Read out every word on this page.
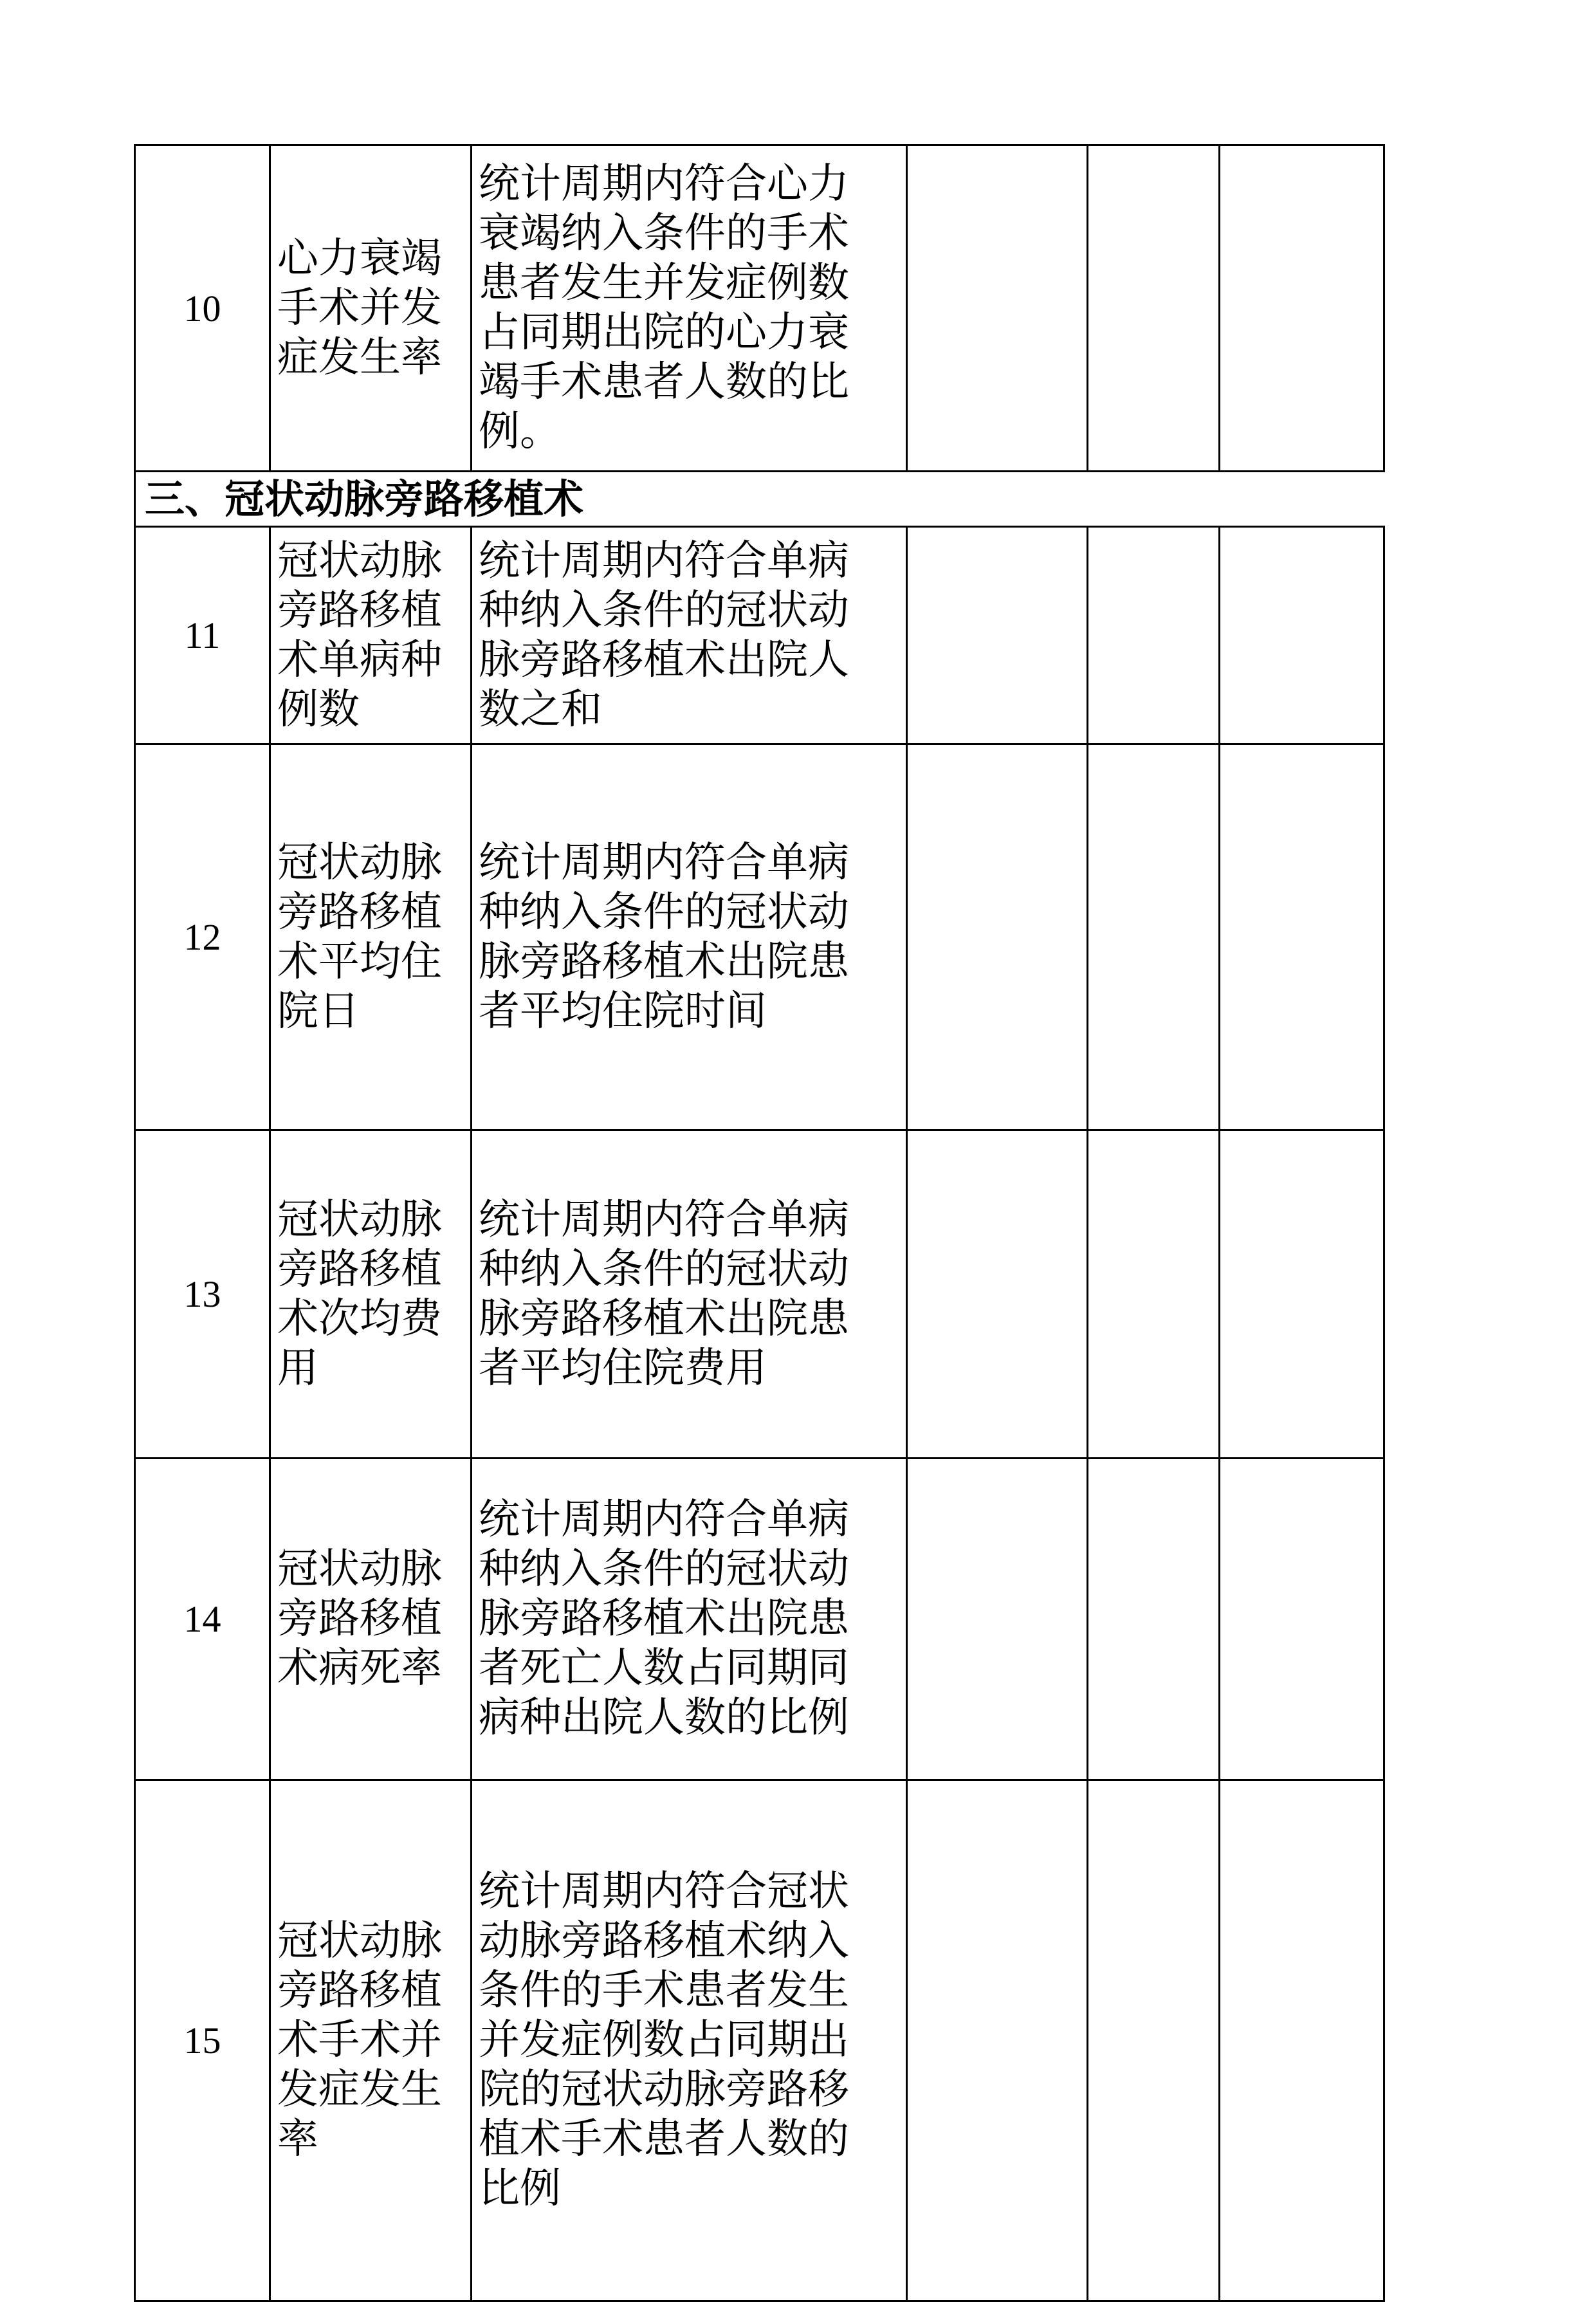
10	心力衰竭手术并发症发生率	统计周期内符合心力衰竭纳入条件的手术患者发生并发症例数占同期出院的心力衰竭手术患者人数的比例。			

三、冠状动脉旁路移植术					
11	冠状动脉旁路移植术单病种例数	统计周期内符合单病种纳入条件的冠状动脉旁路移植术出院人数之和			

12	冠状动脉旁路移植术平均住院日	统计周期内符合单病种纳入条件的冠状动脉旁路移植术出院患者平均住院时间			

13	冠状动脉旁路移植术次均费用	统计周期内符合单病种纳入条件的冠状动脉旁路移植术出院患者平均住院费用			

14	冠状动脉旁路移植术病死率	统计周期内符合单病种纳入条件的冠状动脉旁路移植术出院患者死亡人数占同期同病种出院人数的比例			

15	冠状动脉旁路移植术手术并发症发生率	统计周期内符合冠状动脉旁路移植术纳入条件的手术患者发生并发症例数占同期出院的冠状动脉旁路移植术手术患者人数的比例			
